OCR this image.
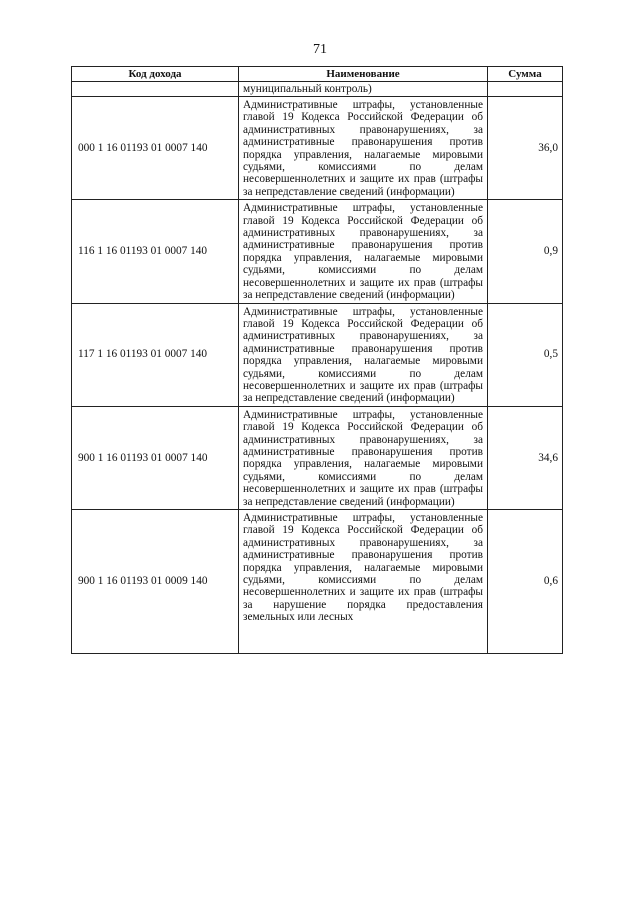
71
Код дохода	Наименование	Сумма
	муниципальный контроль)	
000 1 16 01193 01 0007 140	Административные штрафы, установленные главой 19 Кодекса Российской Федерации об административных правонарушениях, за административные правонарушения против порядка управления, налагаемые мировыми судьями, комиссиями по делам несовершеннолетних и защите их прав (штрафы за непредставление сведений (информации)	36,0
116 1 16 01193 01 0007 140	Административные штрафы, установленные главой 19 Кодекса Российской Федерации об административных правонарушениях, за административные правонарушения против порядка управления, налагаемые мировыми судьями, комиссиями по делам несовершеннолетних и защите их прав (штрафы за непредставление сведений (информации)	0,9
117 1 16 01193 01 0007 140	Административные штрафы, установленные главой 19 Кодекса Российской Федерации об административных правонарушениях, за административные правонарушения против порядка управления, налагаемые мировыми судьями, комиссиями по делам несовершеннолетних и защите их прав (штрафы за непредставление сведений (информации)	0,5
900 1 16 01193 01 0007 140	Административные штрафы, установленные главой 19 Кодекса Российской Федерации об административных правонарушениях, за административные правонарушения против порядка управления, налагаемые мировыми судьями, комиссиями по делам несовершеннолетних и защите их прав (штрафы за непредставление сведений (информации)	34,6
900 1 16 01193 01 0009 140	Административные штрафы, установленные главой 19 Кодекса Российской Федерации об административных правонарушениях, за административные правонарушения против порядка управления, налагаемые мировыми судьями, комиссиями по делам несовершеннолетних и защите их прав (штрафы за нарушение порядка предоставления земельных или лесных	0,6
